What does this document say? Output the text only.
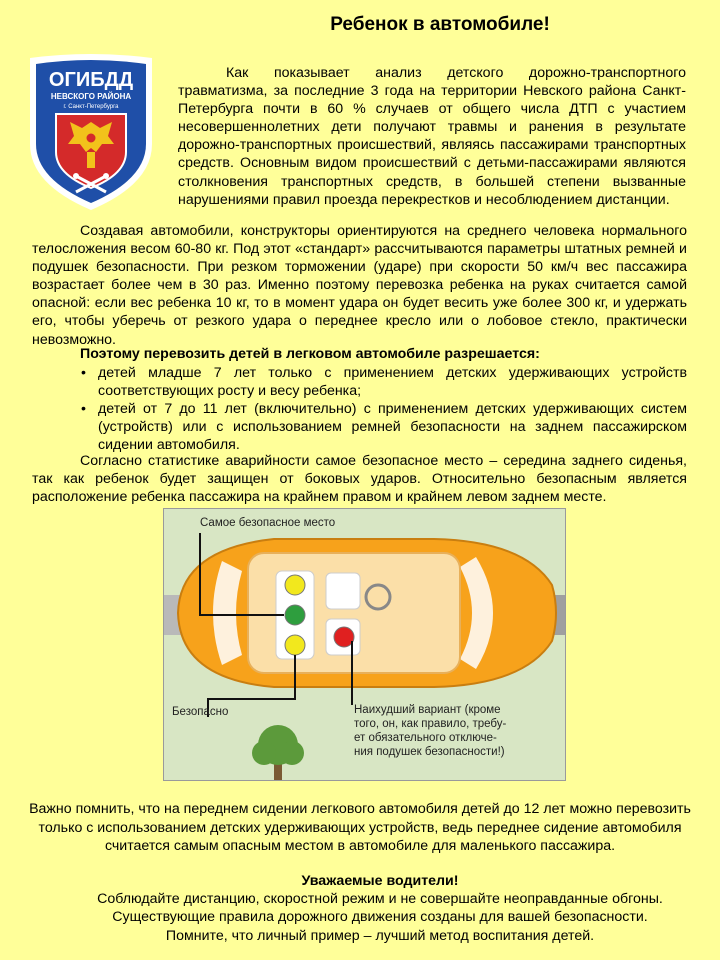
Ребенок в автомобиле!
ОГИБДД
НЕВСКОГО РАЙОНА
г. Санкт-Петербурга

Как показывает анализ детского дорожно-транспортного травматизма, за последние 3 года на территории Невского района Санкт-Петербурга почти в 60 % случаев от общего числа ДТП с участием несовершеннолетних дети получают травмы и ранения в результате дорожно-транспортных происшествий, являясь пассажирами транспортных средств. Основным видом происшествий с детьми-пассажирами являются столкновения транспортных средств, в большей степени вызванные нарушениями правил проезда перекрестков и несоблюдением дистанции.

Создавая автомобили, конструкторы ориентируются на среднего человека нормального телосложения весом 60-80 кг. Под этот «стандарт» рассчитываются параметры штатных ремней и подушек безопасности. При резком торможении (ударе) при скорости 50 км/ч вес пассажира возрастает более чем в 30 раз. Именно поэтому перевозка ребенка на руках считается самой опасной: если вес ребенка 10 кг, то в момент удара он будет весить уже более 300 кг, и удержать его, чтобы уберечь от резкого удара о переднее кресло или о лобовое стекло, практически невозможно.

Поэтому перевозить детей в легковом автомобиле разрешается:

• детей младше 7 лет только с применением детских удерживающих устройств соответствующих росту и весу ребенка;
• детей от 7 до 11 лет (включительно) с применением детских удерживающих систем (устройств) или с использованием ремней безопасности на заднем пассажирском сидении автомобиля.

Согласно статистике аварийности самое безопасное место – середина заднего сиденья, так как ребенок будет защищен от боковых ударов. Относительно безопасным является расположение ребенка пассажира на крайнем правом и крайнем левом заднем месте.

Самое безопасное место
Безопасно	Наихудший вариант (кроме
того, он, как правило, требу-
ет обязательного отключе-
ния подушек безопасности!)

Важно помнить, что на переднем сидении легкового автомобиля детей до 12 лет можно перевозить только с использованием детских удерживающих устройств, ведь переднее сидение автомобиля считается самым опасным местом в автомобиле для маленького пассажира.

Уважаемые водители!
Соблюдайте дистанцию, скоростной режим и не совершайте неоправданные обгоны.
Существующие правила дорожного движения созданы для вашей безопасности.
Помните, что личный пример – лучший метод воспитания детей.
